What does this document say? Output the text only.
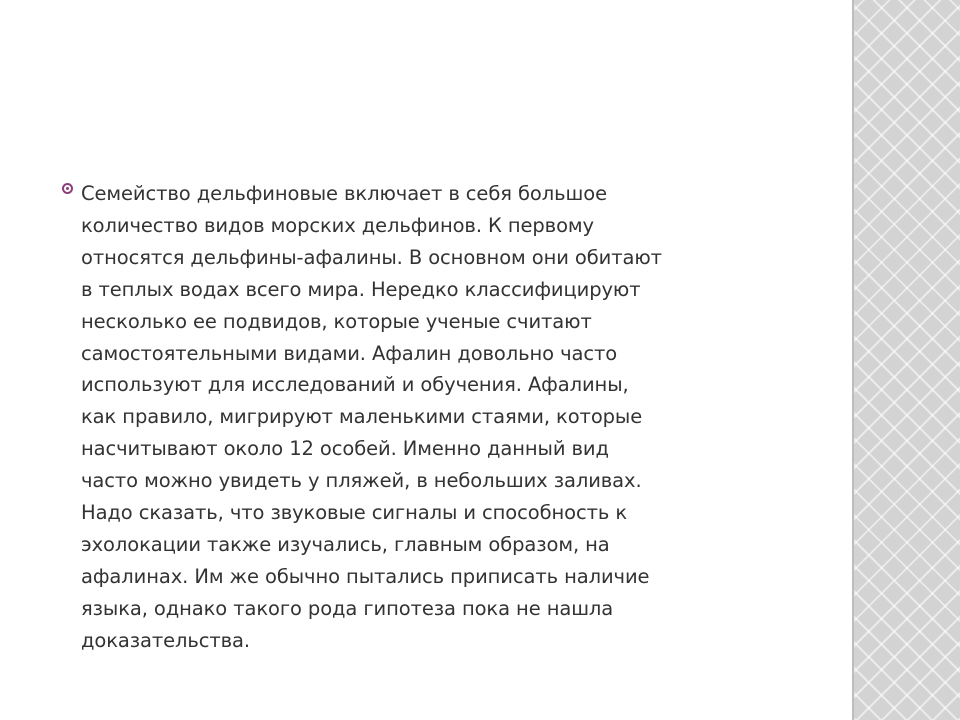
Семейство дельфиновые включает в себя большое
количество видов морских дельфинов. К первому
относятся дельфины-афалины. В основном они обитают
в теплых водах всего мира. Нередко классифицируют
несколько ее подвидов, которые ученые считают
самостоятельными видами. Афалин довольно часто
используют для исследований и обучения. Афалины,
как правило, мигрируют маленькими стаями, которые
насчитывают около 12 особей. Именно данный вид
часто можно увидеть у пляжей, в небольших заливах.
Надо сказать, что звуковые сигналы и способность к
эхолокации также изучались, главным образом, на
афалинах. Им же обычно пытались приписать наличие
языка, однако такого рода гипотеза пока не нашла
доказательства.
